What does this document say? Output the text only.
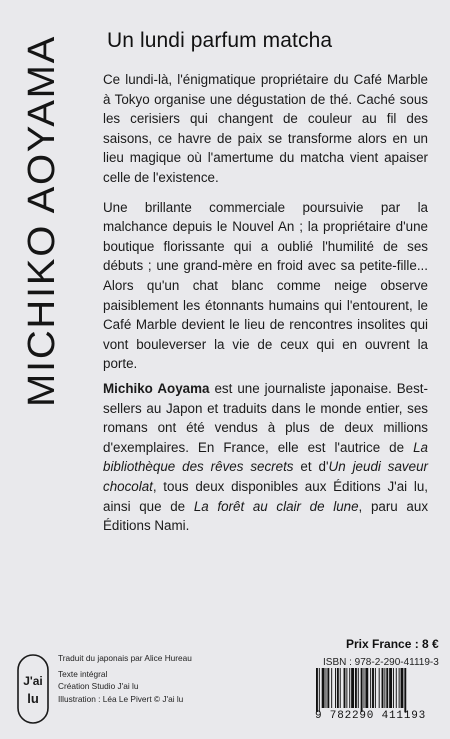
MICHIKO AOYAMA
Un lundi parfum matcha

Ce lundi-là, l'énigmatique propriétaire du Café Marble à Tokyo organise une dégustation de thé. Caché sous les cerisiers qui changent de couleur au fil des saisons, ce havre de paix se transforme alors en un lieu magique où l'amertume du matcha vient apaiser celle de l'existence.

Une brillante commerciale poursuivie par la malchance depuis le Nouvel An ; la propriétaire d'une boutique florissante qui a oublié l'humilité de ses débuts ; une grand-mère en froid avec sa petite-fille... Alors qu'un chat blanc comme neige observe paisiblement les étonnants humains qui l'entourent, le Café Marble devient le lieu de rencontres insolites qui vont bouleverser la vie de ceux qui en ouvrent la porte.

Michiko Aoyama est une journaliste japonaise. Best-sellers au Japon et traduits dans le monde entier, ses romans ont été vendus à plus de deux millions d'exemplaires. En France, elle est l'autrice de La bibliothèque des rêves secrets et d'Un jeudi saveur chocolat, tous deux disponibles aux Éditions J'ai lu, ainsi que de La forêt au clair de lune, paru aux Éditions Nami.

J'ai
lu
Traduit du japonais par Alice Hureau
Texte intégral
Création Studio J'ai lu
Illustration : Léa Le Pivert © J'ai lu
Prix France : 8 €
ISBN : 978-2-290-41119-3
9 782290 411193
